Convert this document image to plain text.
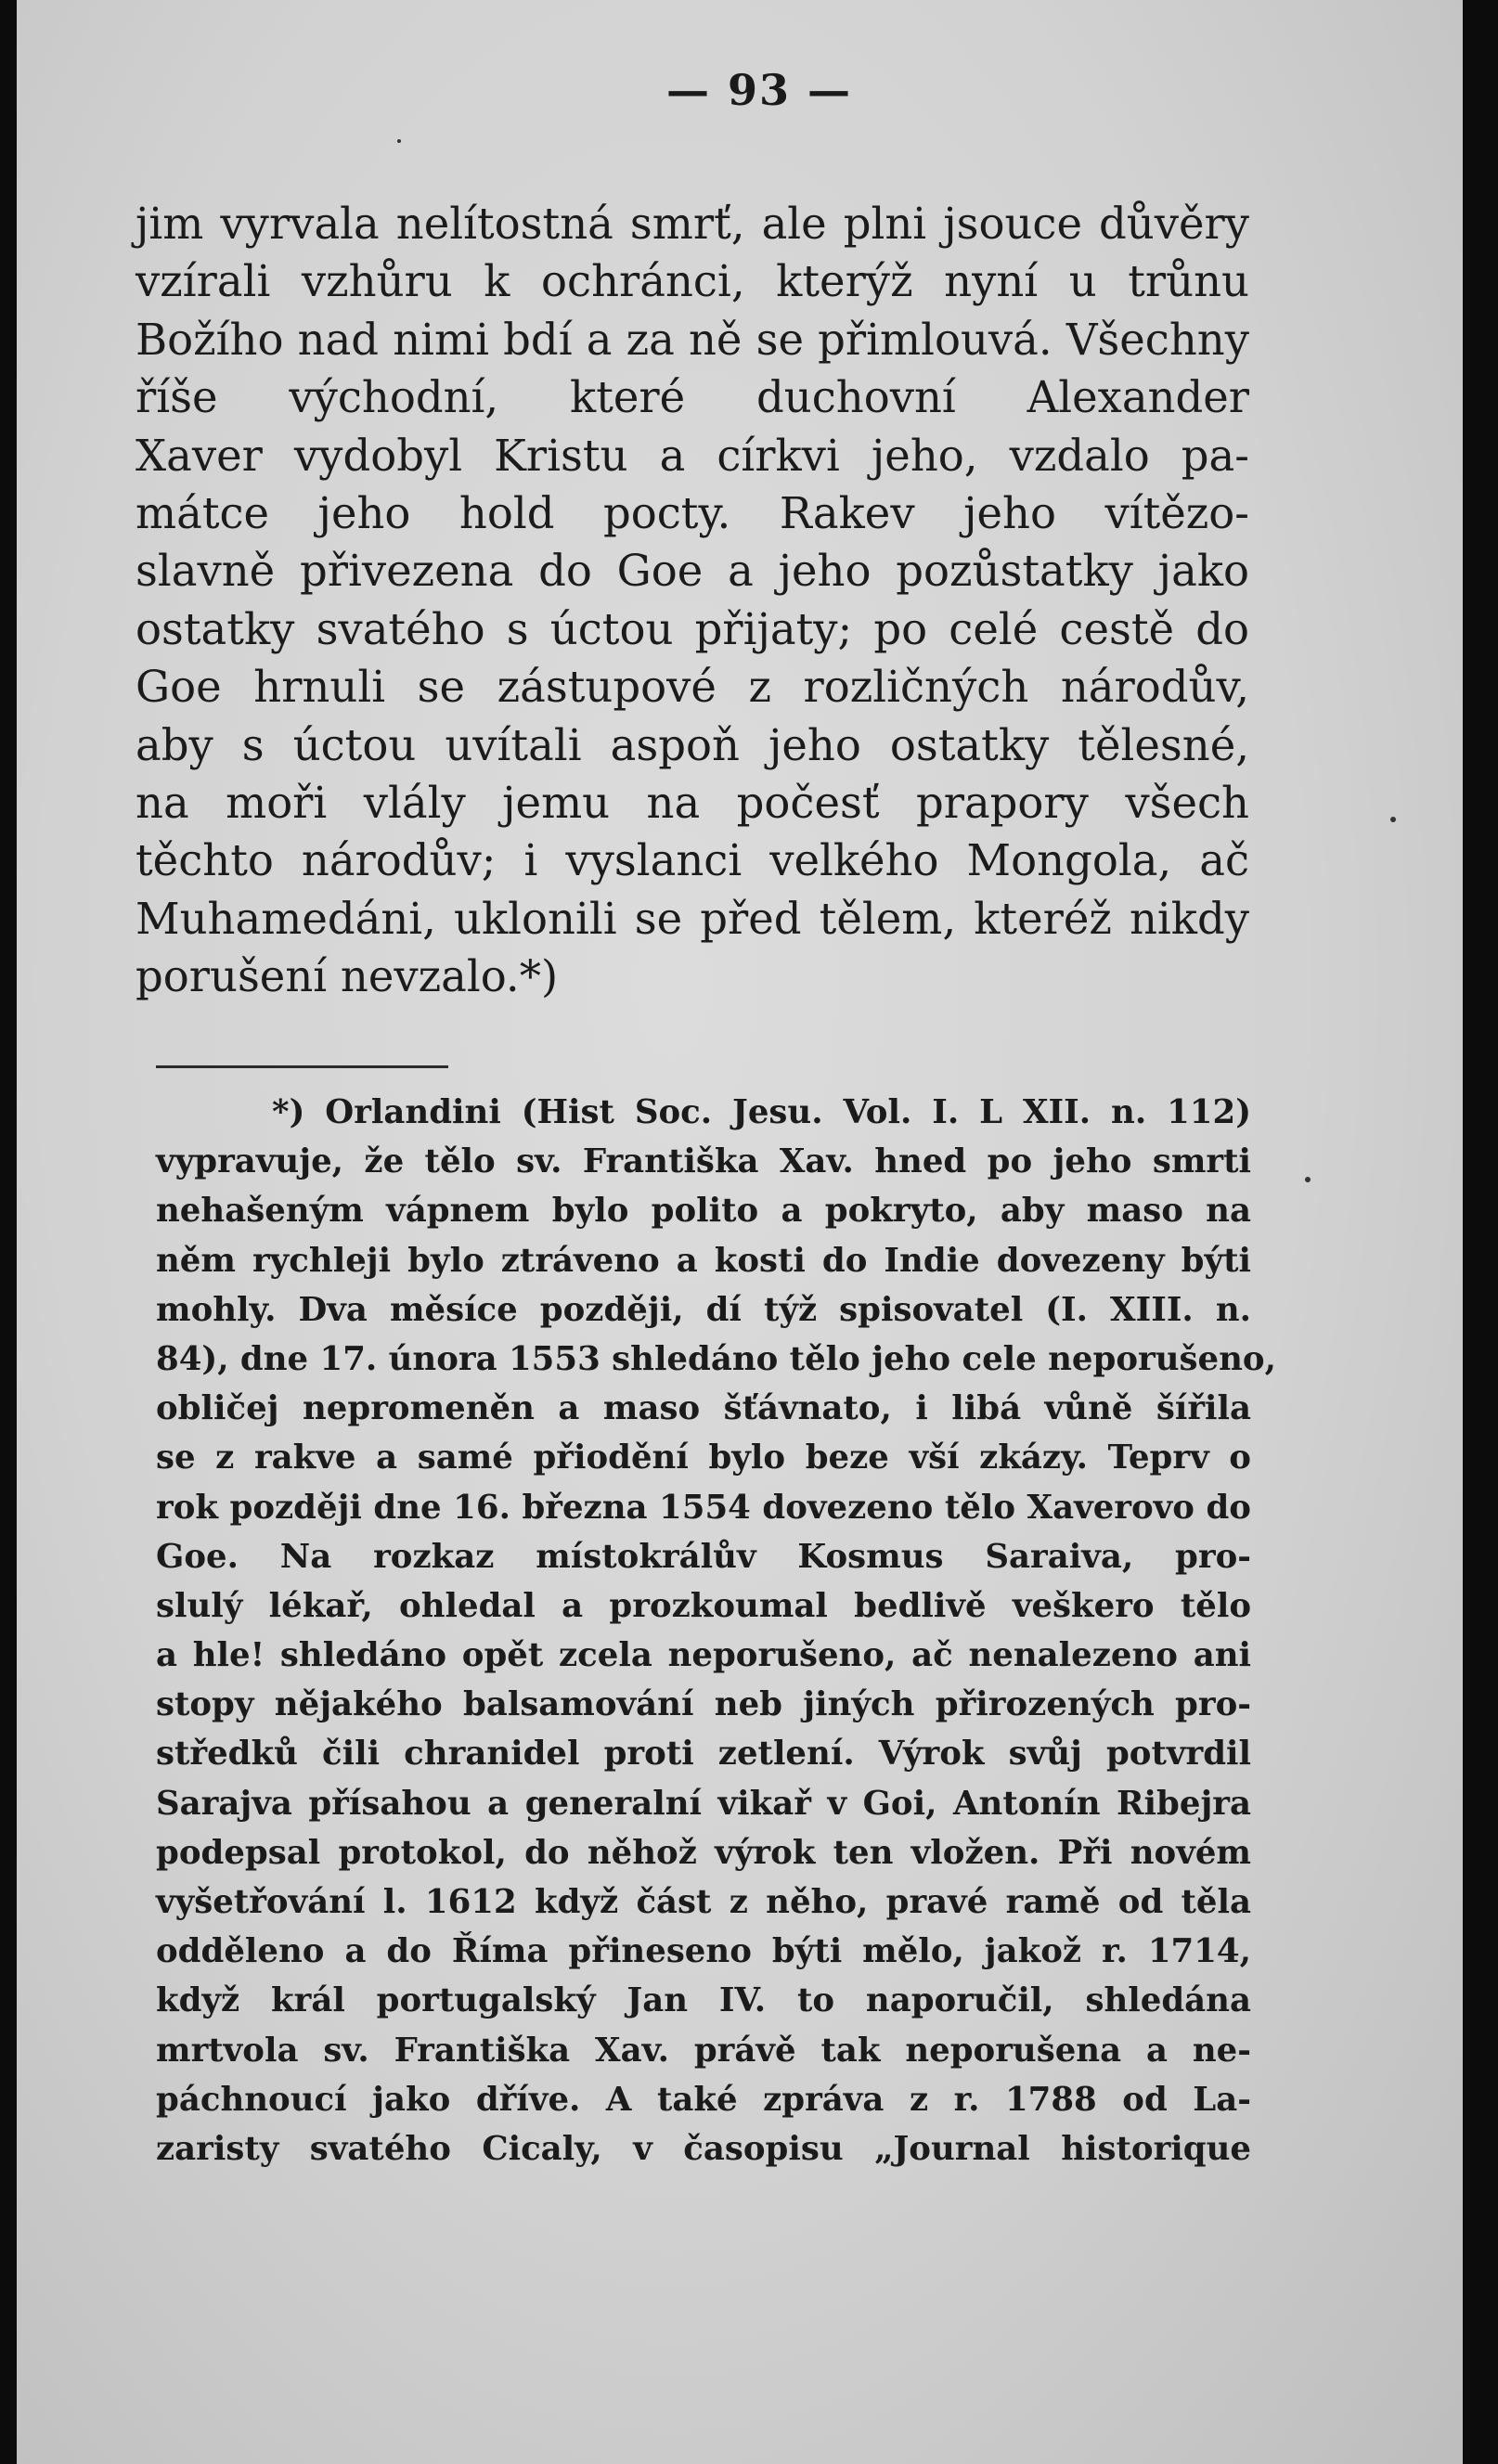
— 93 —
jim vyrvala nelítostná smrť, ale plni jsouce důvěry
vzírali vzhůru k ochránci, kterýž nyní u trůnu
Božího nad nimi bdí a za ně se přimlouvá. Všechny
říše východní, které duchovní Alexander
Xaver vydobyl Kristu a církvi jeho, vzdalo pa-
mátce jeho hold pocty. Rakev jeho vítězo-
slavně přivezena do Goe a jeho pozůstatky jako
ostatky svatého s úctou přijaty; po celé cestě do
Goe hrnuli se zástupové z rozličných národův,
aby s úctou uvítali aspoň jeho ostatky tělesné,
na moři vlály jemu na počesť prapory všech
těchto národův; i vyslanci velkého Mongola, ač
Muhamedáni, uklonili se před tělem, kteréž nikdy
porušení nevzalo.*)
*) Orlandini (Hist Soc. Jesu. Vol. I. L XII. n. 112)
vypravuje, že tělo sv. Františka Xav. hned po jeho smrti
nehašeným vápnem bylo polito a pokryto, aby maso na
něm rychleji bylo ztráveno a kosti do Indie dovezeny býti
mohly. Dva měsíce později, dí týž spisovatel (I. XIII. n.
84), dne 17. února 1553 shledáno tělo jeho cele neporušeno,
obličej nepromeněn a maso šťávnato, i libá vůně šířila
se z rakve a samé přiodění bylo beze vší zkázy. Teprv o
rok později dne 16. března 1554 dovezeno tělo Xaverovo do
Goe. Na rozkaz místokrálův Kosmus Saraiva, pro-
slulý lékař, ohledal a prozkoumal bedlivě veškero tělo
a hle! shledáno opět zcela neporušeno, ač nenalezeno ani
stopy nějakého balsamování neb jiných přirozených pro-
středků čili chranidel proti zetlení. Výrok svůj potvrdil
Sarajva přísahou a generalní vikař v Goi, Antonín Ribejra
podepsal protokol, do něhož výrok ten vložen. Při novém
vyšetřování l. 1612 když část z něho, pravé ramě od těla
odděleno a do Říma přineseno býti mělo, jakož r. 1714,
když král portugalský Jan IV. to naporučil, shledána
mrtvola sv. Františka Xav. právě tak neporušena a ne-
páchnoucí jako dříve. A také zpráva z r. 1788 od La-
zaristy svatého Cicaly, v časopisu „Journal historique
